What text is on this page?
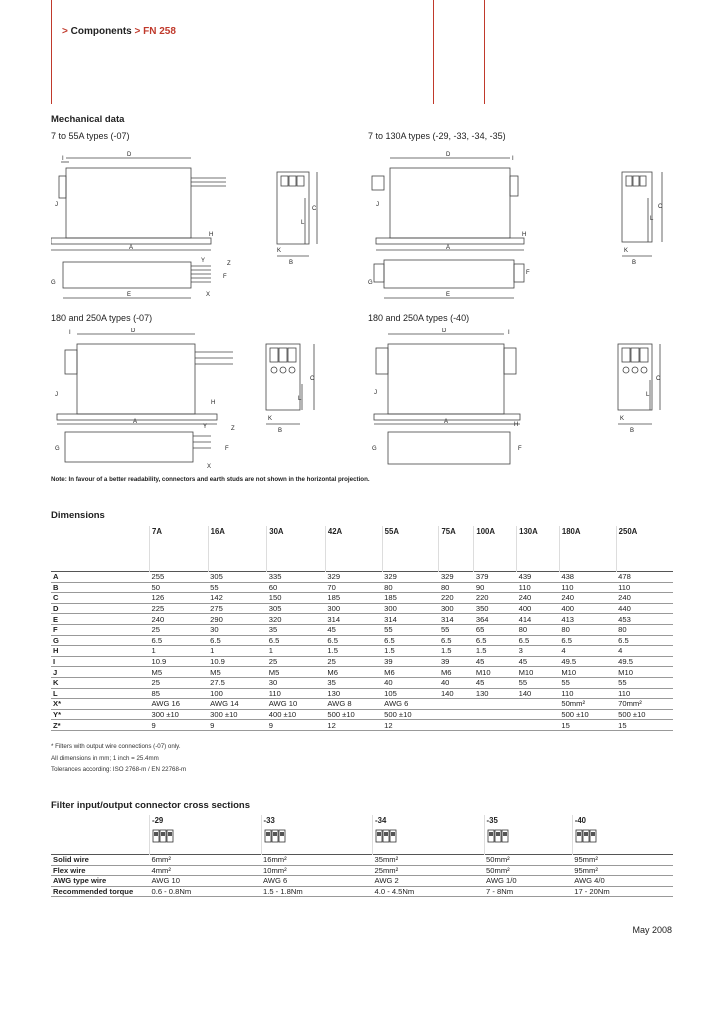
> Components > FN 258
Mechanical data
7 to 55A types (-07)	7 to 130A types (-29, -33, -34, -35)
180 and 250A types (-07)	180 and 250A types (-40)
D
I
J
A
H
Y
G
F
Z
X
E
C
L
B
K
D
I
J
A
H
G
F
E
C
L
B
K
D
I
J
A
H
Y	Z
F
G
X
C
L
B
K
D	I
J
A	H
G	F
C
L
B
K
Note: In favour of a better readability, connectors and earth studs are not shown in the horizontal projection.
Dimensions
	7A	16A	30A	42A	55A	75A	100A	130A	180A	250A
A	255	305	335	329	329	329	379	439	438	478
B	50	55	60	70	80	80	90	110	110	110
C	126	142	150	185	185	220	220	240	240	240
D	225	275	305	300	300	300	350	400	400	440
E	240	290	320	314	314	314	364	414	413	453
F	25	30	35	45	55	55	65	80	80	80
G	6.5	6.5	6.5	6.5	6.5	6.5	6.5	6.5	6.5	6.5
H	1	1	1	1.5	1.5	1.5	1.5	3	4	4
I	10.9	10.9	25	25	39	39	45	45	49.5	49.5
J	M5	M5	M5	M6	M6	M6	M10	M10	M10	M10
K	25	27.5	30	35	40	40	45	55	55	55
L	85	100	110	130	105	140	130	140	110	110
X*	AWG 16	AWG 14	AWG 10	AWG 8	AWG 6				50mm²	70mm²
Y*	300 ±10	300 ±10	400 ±10	500 ±10	500 ±10				500 ±10	500 ±10
Z*	9	9	9	12	12				15	15
* Filters with output wire connections (-07) only.
All dimensions in mm; 1 inch = 25.4mm
Tolerances according: ISO 2768-m / EN 22768-m
Filter input/output connector cross sections
	-29	-33	-34	-35	-40

Solid wire	6mm²	16mm²	35mm²	50mm²	95mm²
Flex wire	4mm²	10mm²	25mm²	50mm²	95mm²
AWG type wire	AWG 10	AWG 6	AWG 2	AWG 1/0	AWG 4/0
Recommended torque	0.6 - 0.8Nm	1.5 - 1.8Nm	4.0 - 4.5Nm	7 - 8Nm	17 - 20Nm
May 2008
